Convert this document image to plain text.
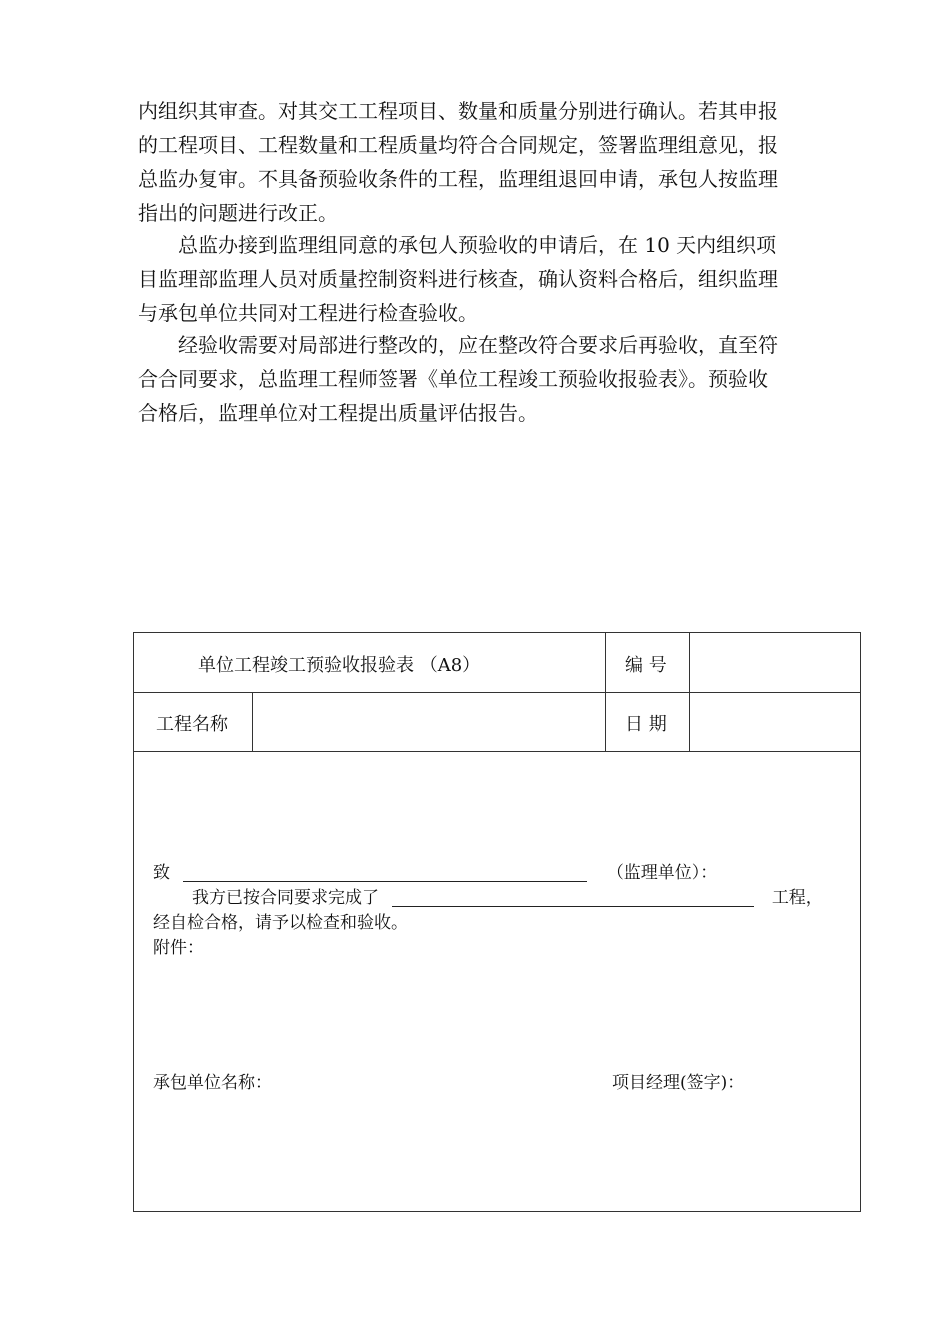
内组织其审查。对其交工工程项目、数量和质量分别进行确认。若其申报
的工程项目、工程数量和工程质量均符合合同规定，签署监理组意见，报
总监办复审。不具备预验收条件的工程，监理组退回申请，承包人按监理
指出的问题进行改正。

　　总监办接到监理组同意的承包人预验收的申请后，在 10 天内组织项
目监理部监理人员对质量控制资料进行核查，确认资料合格后，组织监理
与承包单位共同对工程进行检查验收。

　　经验收需要对局部进行整改的，应在整改符合要求后再验收，直至符
合合同要求，总监理工程师签署《单位工程竣工预验收报验表》。预验收
合格后，监理单位对工程提出质量评估报告。

单位工程竣工预验收报验表 （A8）	编 号
工程名称	日 期
致	（监理单位）：
我方已按合同要求完成了	工程，
经自检合格，请予以检查和验收。
附件：
承包单位名称：	项目经理(签字)：
